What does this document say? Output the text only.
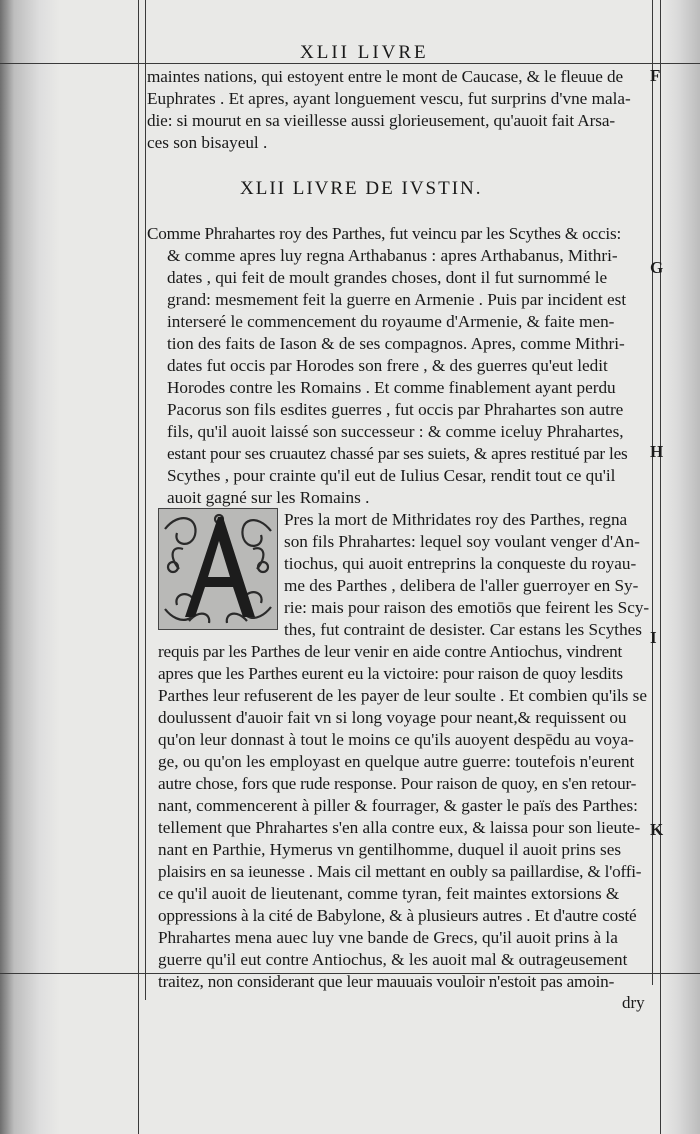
XLII LIVRE
F
G
H
I
K
maintes nations, qui estoyent entre le mont de Caucase, & le fleuue de
Euphrates . Et apres, ayant longuement vescu, fut surprins d'vne mala-
die: si mourut en sa vieillesse aussi glorieusement, qu'auoit fait Arsa-
ces son bisayeul .
XLII LIVRE DE IVSTIN.
Comme Phrahartes roy des Parthes, fut veincu par les Scythes & occis:
& comme apres luy regna Arthabanus : apres Arthabanus, Mithri-
dates , qui feit de moult grandes choses, dont il fut surnommé le
grand: mesmement feit la guerre en Armenie . Puis par incident est
interseré le commencement du royaume d'Armenie, & faite men-
tion des faits de Iason & de ses compagnos. Apres, comme Mithri-
dates fut occis par Horodes son frere , & des guerres qu'eut ledit
Horodes contre les Romains . Et comme finablement ayant perdu
Pacorus son fils esdites guerres , fut occis par Phrahartes son autre
fils, qu'il auoit laissé son successeur : & comme iceluy Phrahartes,
estant pour ses cruautez chassé par ses suiets, & apres restitué par les
Scythes , pour crainte qu'il eut de Iulius Cesar, rendit tout ce qu'il
auoit gagné sur les Romains .
Pres la mort de Mithridates roy des Parthes, regna
son fils Phrahartes: lequel soy voulant venger d'An-
tiochus, qui auoit entreprins la conqueste du royau-
me des Parthes , delibera de l'aller guerroyer en Sy-
rie: mais pour raison des emotiōs que feirent les Scy-
thes, fut contraint de desister. Car estans les Scythes
requis par les Parthes de leur venir en aide contre Antiochus, vindrent
apres que les Parthes eurent eu la victoire: pour raison de quoy lesdits
Parthes leur refuserent de les payer de leur soulte . Et combien qu'ils se
doulussent d'auoir fait vn si long voyage pour neant,& requissent ou
qu'on leur donnast à tout le moins ce qu'ils auoyent despēdu au voya-
ge, ou qu'on les employast en quelque autre guerre: toutefois n'eurent
autre chose, fors que rude response. Pour raison de quoy, en s'en retour-
nant, commencerent à piller & fourrager, & gaster le païs des Parthes:
tellement que Phrahartes s'en alla contre eux, & laissa pour son lieute-
nant en Parthie, Hymerus vn gentilhomme, duquel il auoit prins ses
plaisirs en sa ieunesse . Mais cil mettant en oubly sa paillardise, & l'offi-
ce qu'il auoit de lieutenant, comme tyran, feit maintes extorsions &
oppressions à la cité de Babylone, & à plusieurs autres . Et d'autre costé
Phrahartes mena auec luy vne bande de Grecs, qu'il auoit prins à la
guerre qu'il eut contre Antiochus, & les auoit mal & outrageusement
traitez, non considerant que leur mauuais vouloir n'estoit pas amoin-
dry
